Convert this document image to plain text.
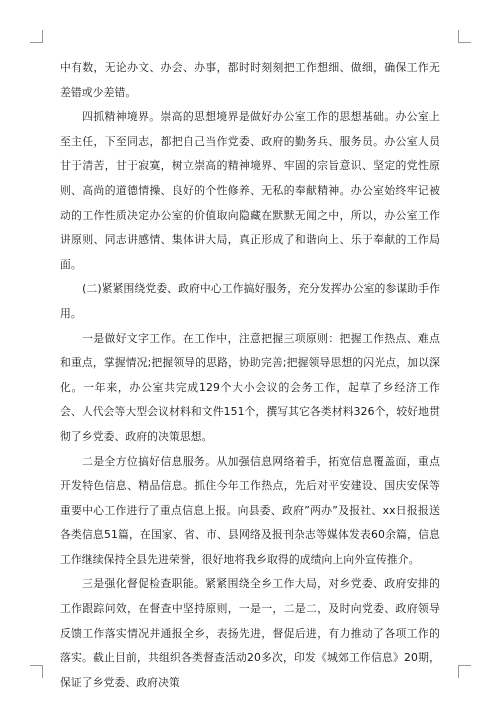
中有数，无论办文、办会、办事，都时时刻刻把工作想细、做细，确保工作无差错或少差错。

四抓精神境界。崇高的思想境界是做好办公室工作的思想基础。办公室上至主任，下至同志，都把自己当作党委、政府的勤务兵、服务员。办公室人员甘于清苦，甘于寂寞，树立崇高的精神境界、牢固的宗旨意识、坚定的党性原则、高尚的道德情操、良好的个性修养、无私的奉献精神。办公室始终牢记被动的工作性质决定办公室的价值取向隐藏在默默无闻之中，所以，办公室工作讲原则、同志讲感情、集体讲大局，真正形成了和谐向上、乐于奉献的工作局面。

(二)紧紧围绕党委、政府中心工作搞好服务，充分发挥办公室的参谋助手作用。

一是做好文字工作。在工作中，注意把握三项原则：把握工作热点、难点和重点，掌握情况;把握领导的思路，协助完善;把握领导思想的闪光点，加以深化。一年来，办公室共完成129个大小会议的会务工作，起草了乡经济工作会、人代会等大型会议材料和文件151个，撰写其它各类材料326个，较好地贯彻了乡党委、政府的决策思想。

二是全方位搞好信息服务。从加强信息网络着手，拓宽信息覆盖面，重点开发特色信息、精品信息。抓住今年工作热点，先后对平安建设、国庆安保等重要中心工作进行了重点信息上报。向县委、政府”两办”及报社、xx日报报送各类信息51篇，在国家、省、市、县网络及报刊杂志等媒体发表60余篇，信息工作继续保持全县先进荣誉，很好地将我乡取得的成绩向上向外宣传推介。

三是强化督促检查职能。紧紧围绕全乡工作大局，对乡党委、政府安排的工作跟踪问效，在督查中坚持原则，一是一，二是二，及时向党委、政府领导反馈工作落实情况并通报全乡，表扬先进，督促后进，有力推动了各项工作的落实。截止目前，共组织各类督查活动20多次，印发《城郊工作信息》20期，保证了乡党委、政府决策
